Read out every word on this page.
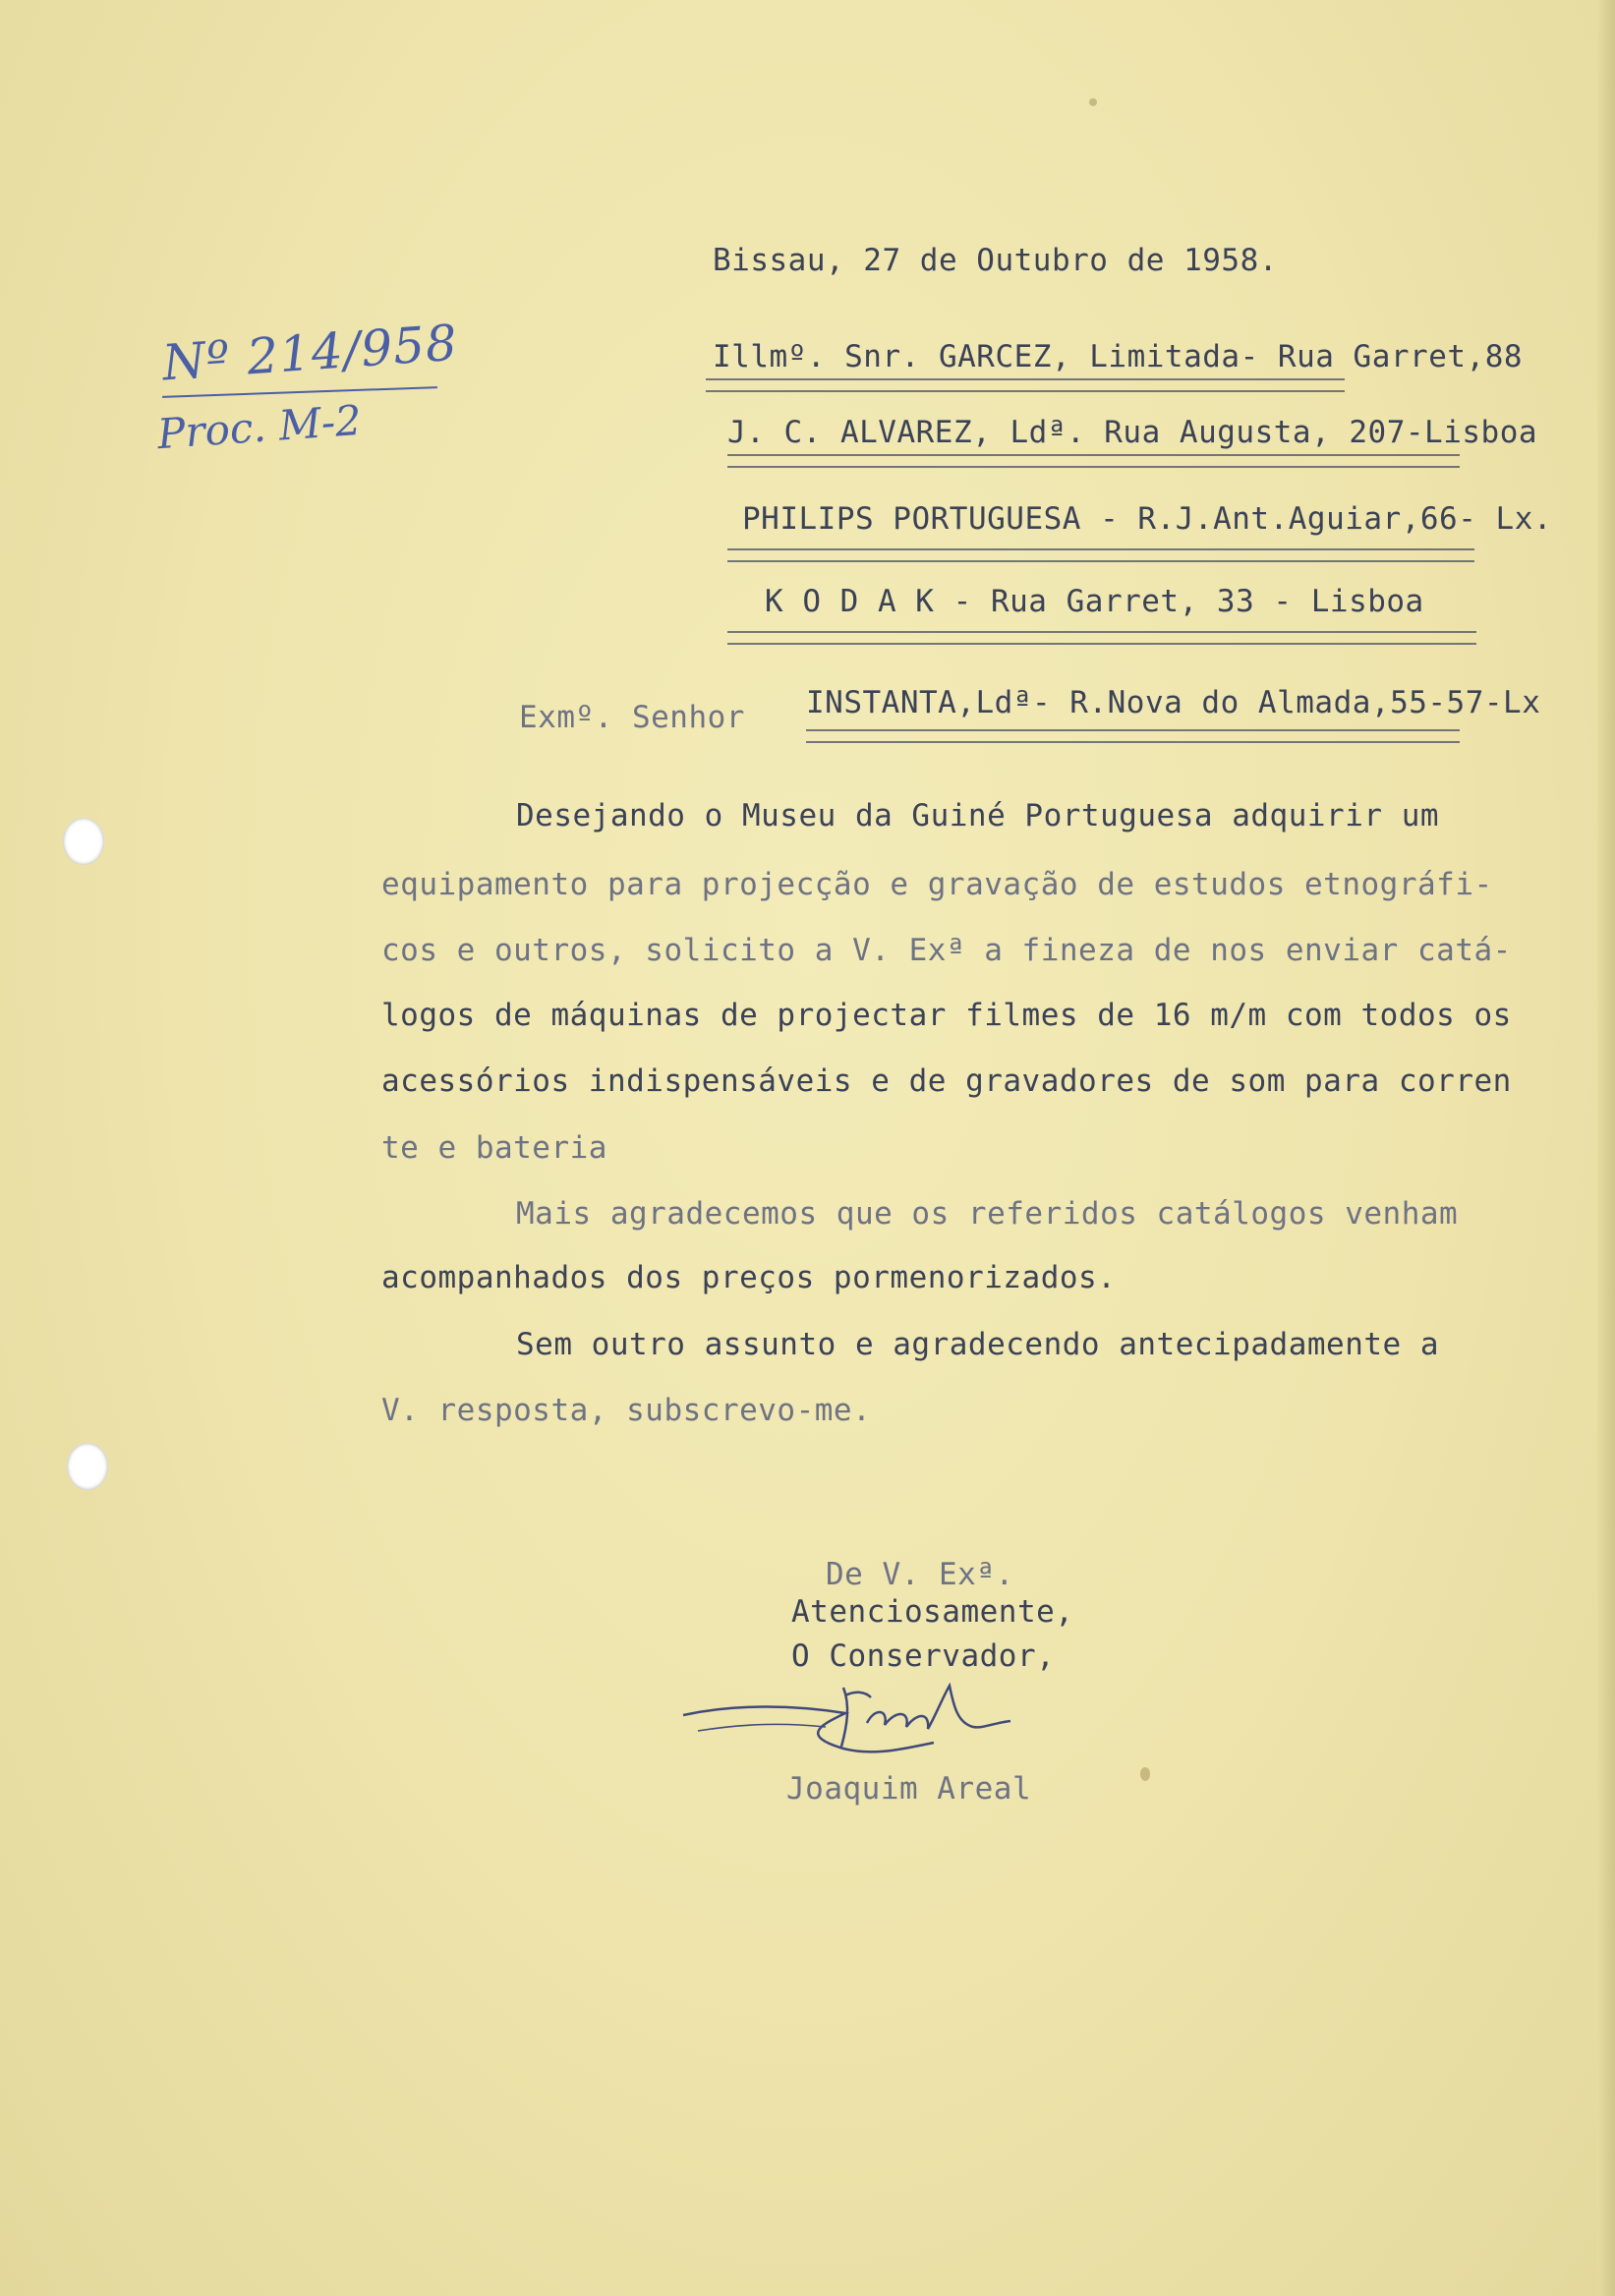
Bissau, 27 de Outubro de 1958.
Nº 214/958
Proc. M-2
Illmº. Snr. GARCEZ, Limitada- Rua Garret,88
J. C. ALVAREZ, Ldª. Rua Augusta, 207-Lisboa
PHILIPS PORTUGUESA - R.J.Ant.Aguiar,66- Lx.
K O D A K - Rua Garret, 33 - Lisboa
INSTANTA,Ldª- R.Nova do Almada,55-57-Lx
Exmº. Senhor
Desejando o Museu da Guiné Portuguesa adquirir um
equipamento para projecção e gravação de estudos etnográfi-
cos e outros, solicito a V. Exª a fineza de nos enviar catá-
logos de máquinas de projectar filmes de 16 m/m com todos os
acessórios indispensáveis e de gravadores de som para corren
te e bateria
Mais agradecemos que os referidos catálogos venham
acompanhados dos preços pormenorizados.
Sem outro assunto e agradecendo antecipadamente a
V. resposta, subscrevo-me.
De V. Exª.
Atenciosamente,
O Conservador,
Joaquim Areal
